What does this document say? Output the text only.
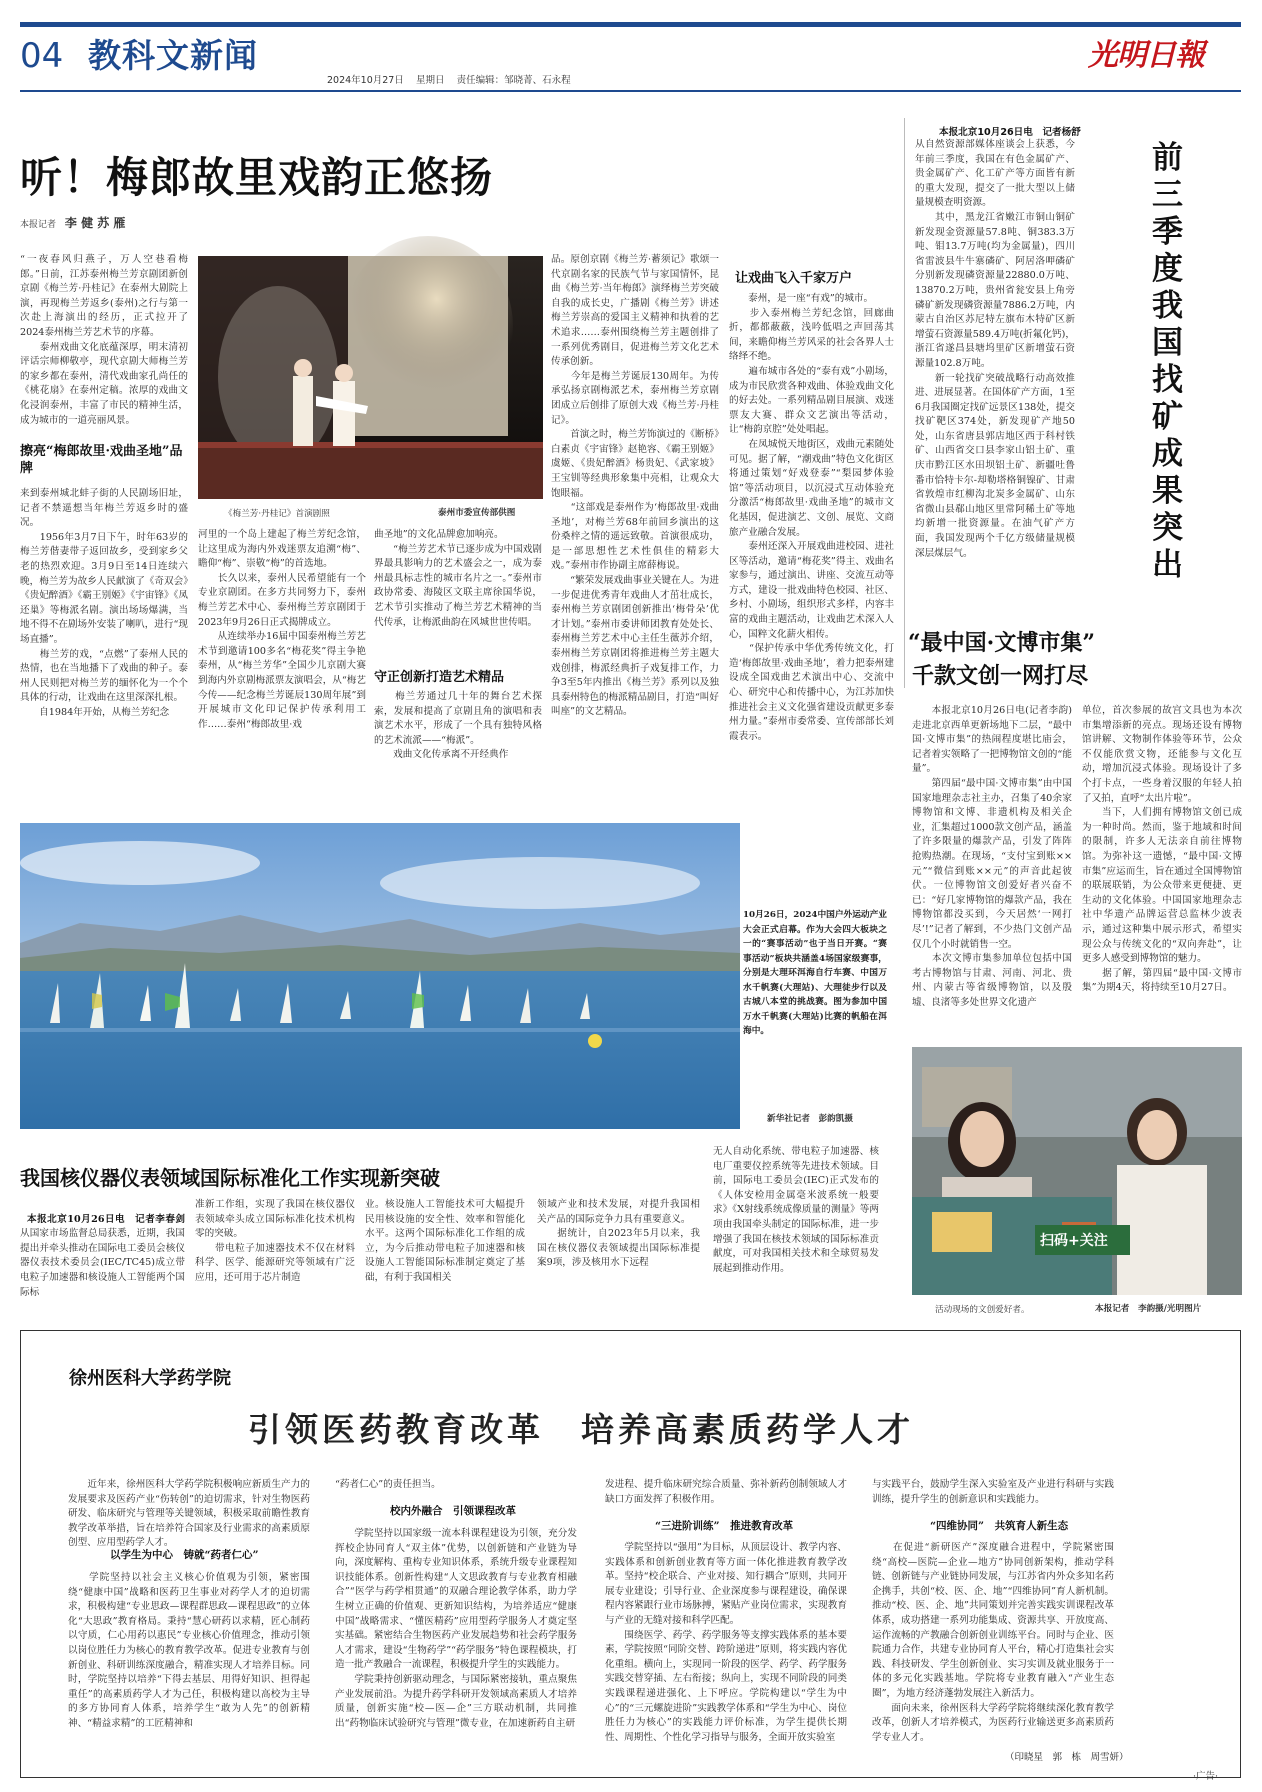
04 教科文新闻
2024年10月27日 星期日 责任编辑：邹晓菁、石永程
光明日報
听！梅郎故里戏韵正悠扬
本报记者 李 健 苏 雁
“一夜春风归燕子，万人空巷看梅郎。”日前，江苏泰州梅兰芳京剧团新创京剧《梅兰芳·丹桂记》在泰州大剧院上演，再现梅兰芳返乡(泰州)之行与第一次赴上海演出的经历，正式拉开了2024泰州梅兰芳艺术节的序幕。
　　泰州戏曲文化底蕴深厚，明末清初评话宗师柳敬亭，现代京剧大师梅兰芳的家乡都在泰州，清代戏曲家孔尚任的《桃花扇》在泰州定稿。浓厚的戏曲文化浸润泰州，丰富了市民的精神生活，成为城市的一道亮丽风景。
《梅兰芳·丹桂记》首演剧照	泰州市委宣传部供图
擦亮“梅郎故里·戏曲圣地”品牌
来到泰州城北蚌子街的人民剧场旧址，记者不禁遥想当年梅兰芳返乡时的盛况。
　　1956年3月7日下午，时年63岁的梅兰芳偕妻带子返回故乡，受到家乡父老的热烈欢迎。3月9日至14日连续六晚，梅兰芳为故乡人民献演了《奇双会》《贵妃醉酒》《霸王别姬》《宇宙锋》《凤还巢》等梅派名剧。演出场场爆满，当地不得不在剧场外安装了喇叭，进行“现场直播”。
　　梅兰芳的戏，“点燃”了泰州人民的热情，也在当地播下了戏曲的种子。泰州人民则把对梅兰芳的缅怀化为一个个具体的行动，让戏曲在这里深深扎根。
　　自1984年开始，从梅兰芳纪念
河里的一个岛上建起了梅兰芳纪念馆，让这里成为海内外戏迷票友追溯“梅”、瞻仰“梅”、崇敬“梅”的首选地。
　　长久以来，泰州人民希望能有一个专业京剧团。在多方共同努力下，泰州梅兰芳艺术中心、泰州梅兰芳京剧团于2023年9月26日正式揭牌成立。
　　从连续举办16届中国泰州梅兰芳艺术节到邀请100多名“梅花奖”得主争艳泰州，从“梅兰芳华”全国少儿京剧大赛到海内外京剧梅派票友演唱会，从“梅艺今传——纪念梅兰芳诞辰130周年展”到开展城市文化印记保护传承利用工作……泰州“梅郎故里·戏
曲圣地”的文化品牌愈加响亮。
　　“梅兰芳艺术节已逐步成为中国戏剧界最具影响力的艺术盛会之一，成为泰州最具标志性的城市名片之一。”泰州市政协常委、海陵区文联主席徐国华说，艺术节引实推动了梅兰芳艺术精神的当代传承，让梅派曲韵在风城世世传唱。
守正创新打造艺术精品
　　梅兰芳通过几十年的舞台艺术探索，发展和提高了京剧且角的演唱和表演艺术水平，形成了一个具有独特风格的艺术流派——“梅派”。
　　戏曲文化传承离不开经典作
品。原创京剧《梅兰芳·蓄须记》歌颂一代京剧名家的民族气节与家国情怀，昆曲《梅兰芳·当年梅郎》演绎梅兰芳突破自我的成长史，广播剧《梅兰芳》讲述梅兰芳崇高的爱国主义精神和执着的艺术追求……泰州围绕梅兰芳主题创排了一系列优秀剧目，促进梅兰芳文化艺术传承创新。
　　今年是梅兰芳诞辰130周年。为传承弘扬京剧梅派艺术，泰州梅兰芳京剧团成立后创排了原创大戏《梅兰芳·丹桂记》。
　　首演之时，梅兰芳饰演过的《断桥》白素贞《宇宙锋》赵艳容、《霸王别姬》虞姬、《贵妃醉酒》杨贵妃、《武家坡》王宝钏等经典形象集中亮相，让观众大饱眼福。
　　“这部戏是泰州作为‘梅郎故里·戏曲圣地’，对梅兰芳68年前回乡演出的这份桑梓之情的遥远致敬。首演很成功，是一部思想性艺术性俱佳的精彩大戏。”泰州市作协副主席薛梅说。
　　“繁荣发展戏曲事业关键在人。为进一步促进优秀青年戏曲人才茁壮成长，泰州梅兰芳京剧团创新推出‘梅骨朵’优才计划。”泰州市委讲师团教育处处长、泰州梅兰芳艺术中心主任生薇苏介绍，泰州梅兰芳京剧团将推进梅兰芳主题大戏创排，梅派经典折子戏复排工作，力争3至5年内推出《梅兰芳》系列以及独具泰州特色的梅派精品剧目，打造“叫好叫座”的文艺精品。
让戏曲飞入千家万户
　　泰州，是一座“有戏”的城市。
　　步入泰州梅兰芳纪念馆，回廊曲折，都都蔽蔽，浅吟低唱之声回荡其间，来瞻仰梅兰芳风采的社会各界人士络绎不绝。
　　遍布城市各处的“泰有戏”小剧场，成为市民欣赏各种戏曲、体验戏曲文化的好去处。一系列精品剧目展演、戏迷票友大赛、群众文艺演出等活动，让“梅韵京腔”处处唱起。
　　在凤城悦天地街区，戏曲元素随处可见。据了解，“潮戏曲”特色文化街区将通过策划“好戏登泰”“梨园梦体验馆”等活动项目，以沉浸式互动体验充分激活“梅郎故里·戏曲圣地”的城市文化基因，促进演艺、文创、展览、文商旅产业融合发展。
　　泰州还深入开展戏曲进校园、进社区等活动，邀请“梅花奖”得主、戏曲名家参与，通过演出、讲座、交流互动等方式，建设一批戏曲特色校园、社区、乡村、小剧场，组织形式多样，内容丰富的戏曲主题活动，让戏曲艺术深入人心，国粹文化薪火相传。
　　“保护传承中华优秀传统文化，打造‘梅郎故里·戏曲圣地’，着力把泰州建设成全国戏曲艺术演出中心、交流中心、研究中心和传播中心，为江苏加快推进社会主义文化强省建设贡献更多泰州力量。”泰州市委常委、宣传部部长刘霞表示。
本报北京10月26日电　记者杨舒
从自然资源部媒体座谈会上获悉，今年前三季度，我国在有色金属矿产、贵金属矿产、化工矿产等方面皆有新的重大发现，提交了一批大型以上储量规模查明资源。
　　其中，黑龙江省嫩江市铜山铜矿新发现金资源量57.8吨、铜383.3万吨、钼13.7万吨(均为金属量)，四川省雷波县牛牛寨磷矿、阿居洛呷磷矿分别新发现磷资源量22880.0万吨、13870.2万吨，贵州省瓮安县上角旁磷矿新发现磷资源量7886.2万吨，内蒙古自治区苏尼特左旗布木特矿区新增萤石资源量589.4万吨(折氟化钙)，浙江省遂昌县塘坞里矿区新增萤石资源量102.8万吨。
　　新一轮找矿突破战略行动高效推进、进展显著。在国体矿产方面，1至6月我国圈定找矿远景区138处，提交找矿靶区374处，新发现矿产地50处，山东省唐县郭店地区西于科村铁矿、山西省交口县李家山铝土矿、重庆市黔江区水田坝铝土矿、新疆吐鲁番市恰特卡尔-却勒塔格铜镍矿、甘肃省敦煌市红柳沟北炭多金属矿、山东省微山县郗山地区里常阿稀土矿等地均新增一批资源量。在油气矿产方面，我国发现两个千亿方级储量规模深层煤层气。
前三季度我国找矿成果突出
“最中国·文博市集”
千款文创一网打尽
　　本报北京10月26日电(记者李韵)走进北京西单更新场地下二层，“最中国·文博市集”的热闹程度堪比庙会，记者着实领略了一把博物馆文创的“能量”。
　　第四届“最中国·文博市集”由中国国家地理杂志社主办，召集了40余家博物馆和文博、非遗机构及相关企业，汇集超过1000款文创产品，涵盖了许多限量的爆款产品，引发了阵阵抢购热潮。在现场，“支付宝到账××元”“微信到账××元”的声音此起彼伏。一位博物馆文创爱好者兴奋不已：“好几家博物馆的爆款产品，我在博物馆都没买到，今天居然‘一网打尽’!”记者了解到，不少热门文创产品仅几个小时就销售一空。
　　本次文博市集参加单位包括中国考古博物馆与甘肃、河南、河北、贵州、内蒙古等省级博物馆，以及殷墟、良渚等多处世界文化遗产
单位，首次参展的故宫文具也为本次市集增添新的亮点。现场还设有博物馆讲解、文物制作体验等环节，公众不仅能欣赏文物，还能参与文化互动，增加沉浸式体验。现场设计了多个打卡点，一些身着汉服的年轻人拍了又拍，直呼“太出片啦”。
　　当下，人们拥有博物馆文创已成为一种时尚。然而，鉴于地域和时间的限制，许多人无法亲自前往博物馆。为弥补这一遗憾，“最中国·文博市集”应运而生，旨在通过全国博物馆的联展联销，为公众带来更便捷、更生动的文化体验。中国国家地理杂志社中华遗产品牌运营总监林少波表示，通过这种集中展示形式，希望实现公众与传统文化的“双向奔赴”，让更多人感受到博物馆的魅力。
　　据了解，第四届“最中国·文博市集”为期4天，将持续至10月27日。
扫码+关注
活动现场的文创爱好者。	本报记者　李韵摄/光明图片
10月26日，2024中国户外运动产业大会正式启幕。作为大会四大板块之一的“赛事活动”也于当日开赛。“赛事活动”板块共涵盖4场国家级赛事，分别是大理环洱海自行车赛、中国万水千帆赛(大理站)、大理徒步行以及古城八本堂的挑战赛。图为参加中国万水千帆赛(大理站)比赛的帆船在洱海中。
新华社记者　彭韵凯摄
我国核仪器仪表领域国际标准化工作实现新突破

本报北京10月26日电　记者李春剑从国家市场监督总局获悉，近期，我国提出并牵头推动在国际电工委员会核仪器仪表技术委员会(IEC/TC45)成立带电粒子加速器和核设施人工智能两个国际标

准新工作组，实现了我国在核仪器仪表领域牵头成立国际标准化技术机构零的突破。
　　带电粒子加速器技术不仅在材料科学、医学、能源研究等领域有广泛应用，还可用于芯片制造
业。核设施人工智能技术可大幅提升民用核设施的安全性、效率和智能化水平。这两个国际标准化工作组的成立，为今后推动带电粒子加速器和核设施人工智能国际标准制定奠定了基础，有利于我国相关
领域产业和技术发展，对提升我国相关产品的国际竞争力具有重要意义。
　　据统计，自2023年5月以来，我国在核仪器仪表领域提出国际标准提案9项，涉及核用水下远程
无人自动化系统、带电粒子加速器、核电厂重要仪控系统等先进技术领域。目前，国际电工委员会(IEC)正式发布的《人体安检用金属毫米波系统一般要求》《X射线系统成像质量的测量》等两项由我国牵头制定的国际标准，进一步增强了我国在核技术领域的国际标准贡献度，可对我国相关技术和全球贸易发展起到推动作用。
徐州医科大学药学院
引领医药教育改革　培养高素质药学人才
　　近年来，徐州医科大学药学院积极响应新质生产力的发展要求及医药产业“伤转创”的迫切需求，针对生物医药研发、临床研究与管理等关键领域，积极采取前瞻性教育教学改革举措，旨在培养符合国家及行业需求的高素质原创型、应用型药学人才。
以学生为中心　铸就“药者仁心”
　　学院坚持以社会主义核心价值观为引领，紧密围绕“健康中国”战略和医药卫生事业对药学人才的迫切需求，积极构建“专业思政—课程群思政—课程思政”的立体化“大思政”教育格局。秉持“慧心研药以求精，匠心制药以守质，仁心用药以惠民”专业核心价值理念，推动引领以岗位胜任力为核心的教育教学改革。促进专业教育与创新创业、科研训练深度融合，精准实现人才培养目标。同时，学院坚持以培养“下得去基层、用得好知识、担得起重任”的高素质药学人才为己任，积极构建以高校为主导的多方协同育人体系，培养学生“敢为人先”的创新精神、“精益求精”的工匠精神和
“药者仁心”的责任担当。
校内外融合　引领课程改革
　　学院坚持以国家级一流本科课程建设为引领，充分发挥校企协同育人“双主体”优势，以创新链和产业链为导向，深度解构、重构专业知识体系，系统升级专业课程知识技能体系。创新性构建“人文思政教育与专业教育相融合”“医学与药学相贯通”的双融合理论教学体系，助力学生树立正确的价值观、更新知识结构，为培养适应“健康中国”战略需求、“懂医精药”应用型药学服务人才奠定坚实基础。紧密结合生物医药产业发展趋势和社会药学服务人才需求，建设“生物药学”“药学服务”特色课程模块，打造一批产教融合一流课程，积极提升学生的实践能力。
　　学院秉持创新驱动理念，与国际紧密接轨，重点聚焦产业发展前沿。为提升药学科研开发领域高素质人才培养质量，创新实施“校—医—企”三方联动机制，共同推出“药物临床试验研究与管理”微专业，在加速新药自主研
发进程、提升临床研究综合质量、弥补新药创制领域人才缺口方面发挥了积极作用。
“三进阶训练”　推进教育改革
　　学院坚持以“强用”为目标，从顶层设计、教学内容、实践体系和创新创业教育等方面一体化推进教育教学改革。坚持“校企联合、产业对接、知行耦合”原则，共同开展专业建设；引导行业、企业深度参与课程建设，确保课程内容紧跟行业市场脉搏，紧贴产业岗位需求，实现教育与产业的无缝对接和科学匹配。
　　围绕医学、药学、药学服务等支撑实践体系的基本要素，学院按照“同阶交替、跨阶递进”原则，将实践内容优化重组。横向上，实现同一阶段的医学、药学、药学服务实践交替穿插、左右衔接；纵向上，实现不同阶段的同类实践课程递进强化、上下呼应。学院构建以“学生为中心”的“三元螺旋进阶”实践教学体系和“学生为中心、岗位胜任力为核心”的实践能力评价标准，为学生提供长期性、周期性、个性化学习指导与服务，全面开放实验室
与实践平台，鼓励学生深入实验室及产业进行科研与实践训练，提升学生的创新意识和实践能力。
“四维协同”　共筑育人新生态
　　在促进“新研医产”深度融合进程中，学院紧密围绕“高校—医院—企业—地方”协同创新架构，推动学科链、创新链与产业链协同发展，与江苏省内外众多知名药企携手，共创“校、医、企、地”“四维协同”育人新机制。推动“校、医、企、地”共同策划并完善实践实训课程改革体系，成功搭建一系列功能集成、资源共享、开放度高、运作流畅的产教融合创新创业训练平台。同时与企业、医院通力合作，共建专业协同育人平台，精心打造集社会实践、科技研发、学生创新创业、实习实训及就业服务于一体的多元化实践基地。学院将专业教育融入“产业生态圈”，为地方经济蓬勃发展注入新活力。
　　面向未来，徐州医科大学药学院将继续深化教育教学改革，创新人才培养模式，为医药行业输送更多高素质药学专业人才。
（印晓星　郭　栋　周雪妍）
·广告·
